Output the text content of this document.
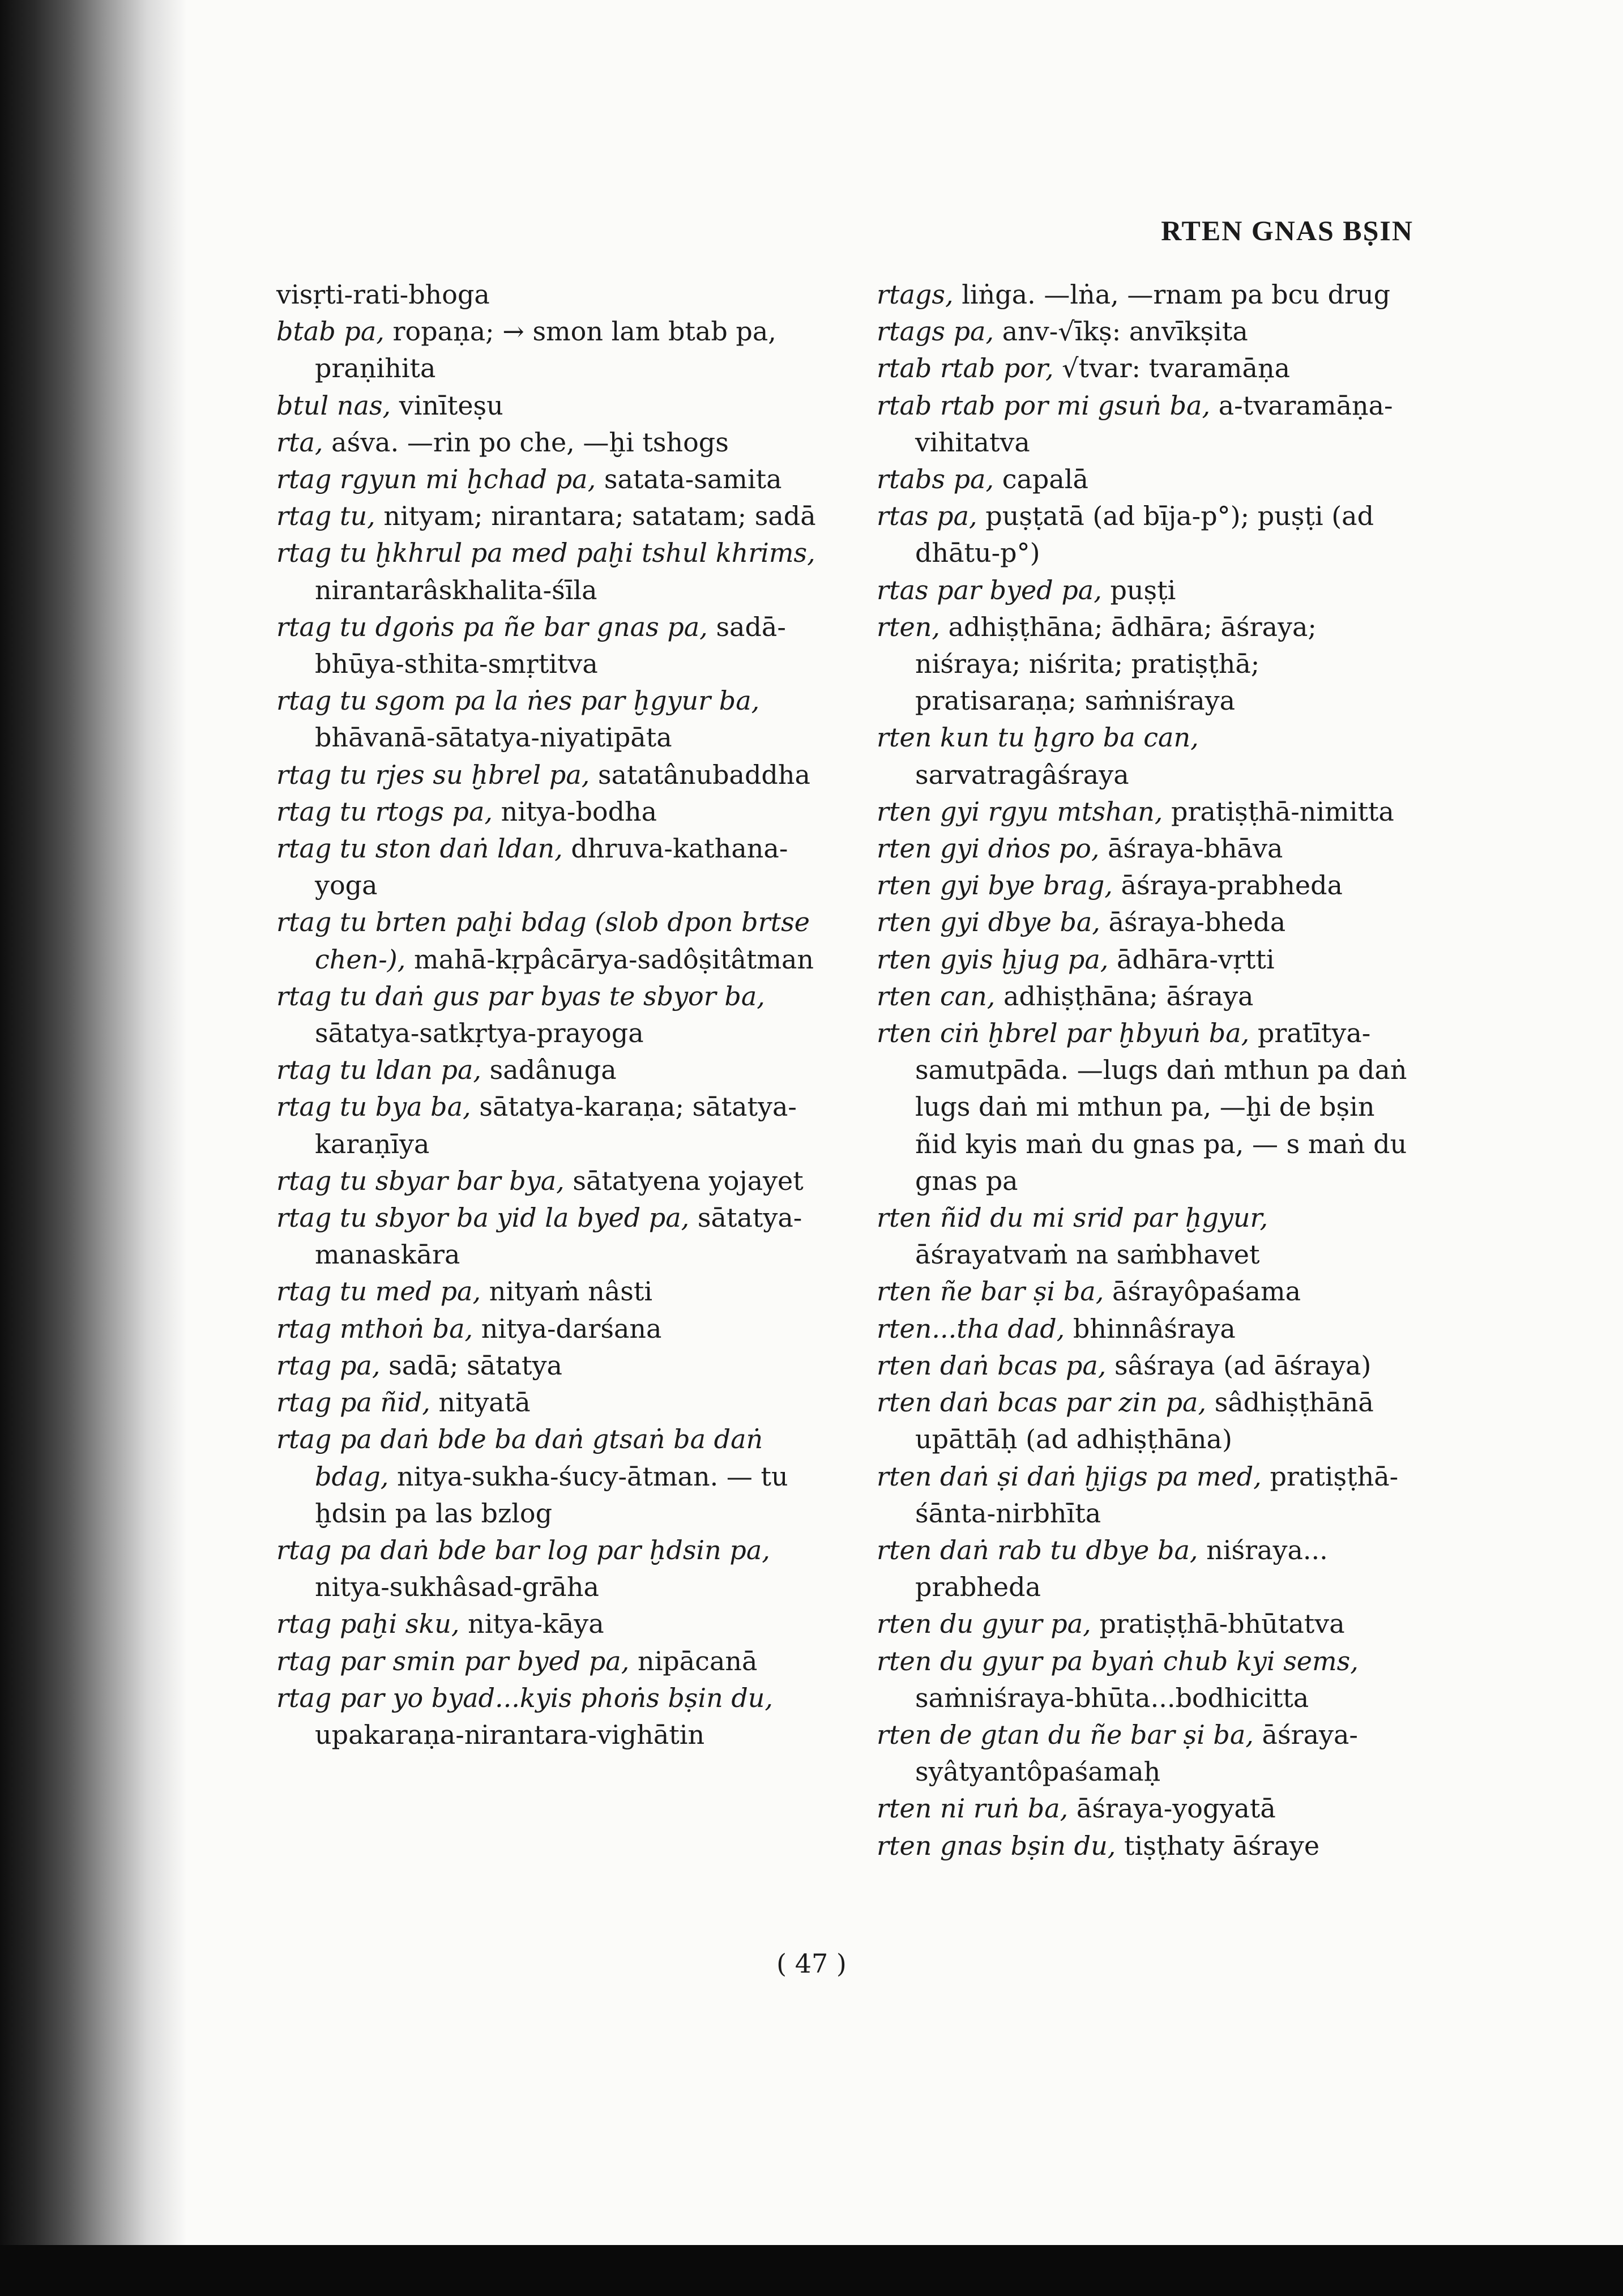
RTEN GNAS BṢIN
visṛti-rati-bhoga
btab pa, ropaṇa; → smon lam btab pa, praṇihita
btul nas, vinīteṣu
rta, aśva. —rin po che, —ḫi tshogs
rtag rgyun mi ḫchad pa, satata-samita
rtag tu, nityam; nirantara; satatam; sadā
rtag tu ḫkhrul pa med paḫi tshul khrims, nirantarâskhalita-śīla
rtag tu dgoṅs pa ñe bar gnas pa, sadā-bhūya-sthita-smṛtitva
rtag tu sgom pa la ṅes par ḫgyur ba, bhāvanā-sātatya-niyatipāta
rtag tu rjes su ḫbrel pa, satatânubaddha
rtag tu rtogs pa, nitya-bodha
rtag tu ston daṅ ldan, dhruva-kathana-yoga
rtag tu brten paḫi bdag (slob dpon brtse chen-), mahā-kṛpâcārya-sadôṣitâtman
rtag tu daṅ gus par byas te sbyor ba, sātatya-satkṛtya-prayoga
rtag tu ldan pa, sadânuga
rtag tu bya ba, sātatya-karaṇa; sātatya-karaṇīya
rtag tu sbyar bar bya, sātatyena yojayet
rtag tu sbyor ba yid la byed pa, sātatya-manaskāra
rtag tu med pa, nityaṁ nâsti
rtag mthoṅ ba, nitya-darśana
rtag pa, sadā; sātatya
rtag pa ñid, nityatā
rtag pa daṅ bde ba daṅ gtsaṅ ba daṅ bdag, nitya-sukha-śucy-ātman. — tu ḫdsin pa las bzlog
rtag pa daṅ bde bar log par ḫdsin pa, nitya-sukhâsad-grāha
rtag paḫi sku, nitya-kāya
rtag par smin par byed pa, nipācanā
rtag par yo byad...kyis phoṅs bṣin du, upakaraṇa-nirantara-vighātin
rtags, liṅga. —lṅa, —rnam pa bcu drug
rtags pa, anv-√īkṣ: anvīkṣita
rtab rtab por, √tvar: tvaramāṇa
rtab rtab por mi gsuṅ ba, a-tvaramāṇa-vihitatva
rtabs pa, capalā
rtas pa, puṣṭatā (ad bīja-p°); puṣṭi (ad dhātu-p°)
rtas par byed pa, puṣṭi
rten, adhiṣṭhāna; ādhāra; āśraya; niśraya; niśrita; pratiṣṭhā; pratisaraṇa; saṁniśraya
rten kun tu ḫgro ba can, sarvatragâśraya
rten gyi rgyu mtshan, pratiṣṭhā-nimitta
rten gyi dṅos po, āśraya-bhāva
rten gyi bye brag, āśraya-prabheda
rten gyi dbye ba, āśraya-bheda
rten gyis ḫjug pa, ādhāra-vṛtti
rten can, adhiṣṭhāna; āśraya
rten ciṅ ḫbrel par ḫbyuṅ ba, pratītya-samutpāda. —lugs daṅ mthun pa daṅ lugs daṅ mi mthun pa, —ḫi de bṣin ñid kyis maṅ du gnas pa, — s maṅ du gnas pa
rten ñid du mi srid par ḫgyur, āśrayatvaṁ na saṁbhavet
rten ñe bar ṣi ba, āśrayôpaśama
rten...tha dad, bhinnâśraya
rten daṅ bcas pa, sâśraya (ad āśraya)
rten daṅ bcas par zin pa, sâdhiṣṭhānā upāttāḥ (ad adhiṣṭhāna)
rten daṅ ṣi daṅ ḫjigs pa med, pratiṣṭhā-śānta-nirbhīta
rten daṅ rab tu dbye ba, niśraya... prabheda
rten du gyur pa, pratiṣṭhā-bhūtatva
rten du gyur pa byaṅ chub kyi sems, saṁniśraya-bhūta...bodhicitta
rten de gtan du ñe bar ṣi ba, āśraya-syâtyantôpaśamaḥ
rten ni ruṅ ba, āśraya-yogyatā
rten gnas bṣin du, tiṣṭhaty āśraye
( 47 )
